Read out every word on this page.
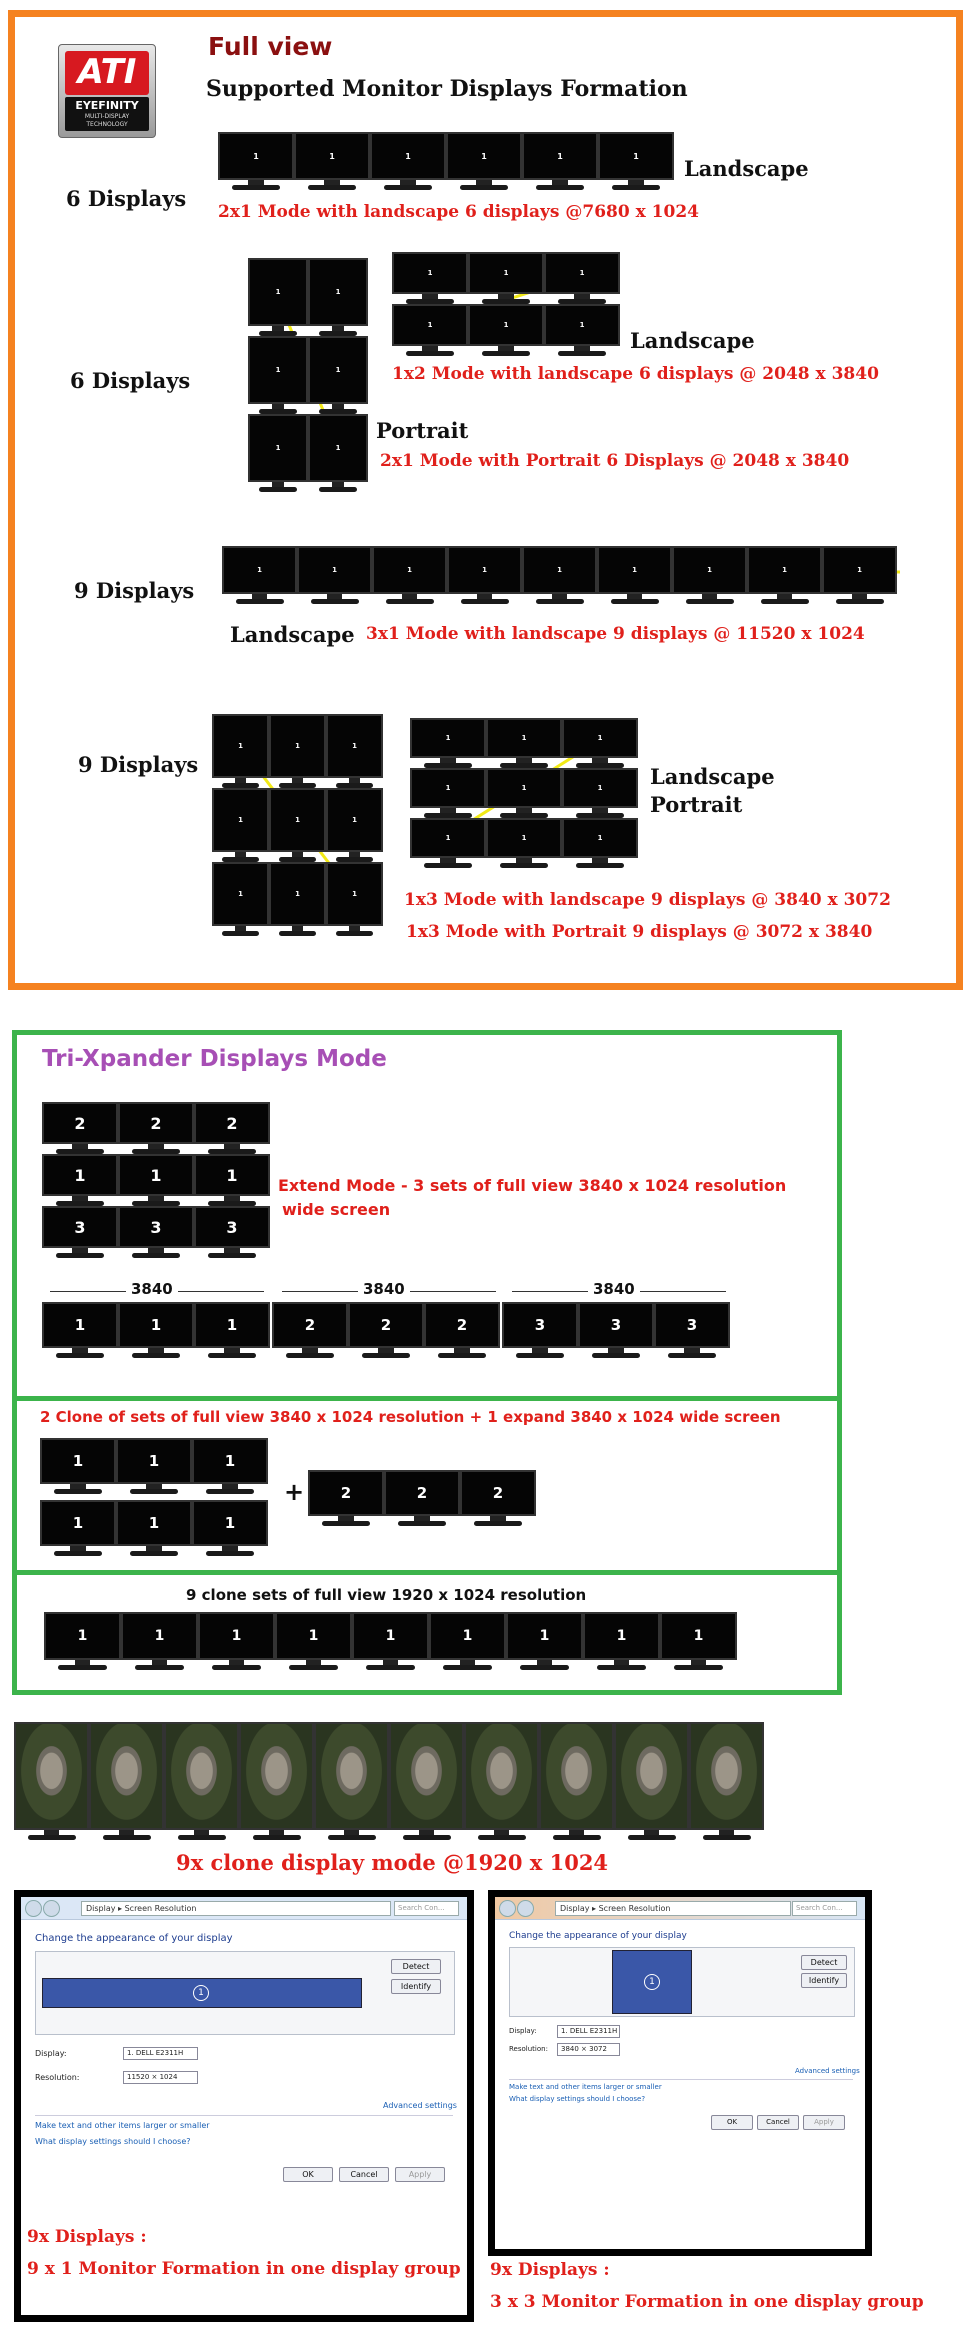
ATI
EYEFINITY
MULTI-DISPLAY
TECHNOLOGY
Full view
Supported Monitor Displays Formation
6 Displays
Landscape
2x1 Mode with landscape 6 displays @7680 x 1024
6 Displays
Landscape
1x2 Mode with landscape 6 displays @ 2048 x 3840
Portrait
2x1 Mode with Portrait 6 Displays @ 2048 x 3840
9 Displays
Landscape 3x1 Mode with landscape 9 displays @ 11520 x 1024
9 Displays	Landscape
Portrait
1x3 Mode with landscape 9 displays @ 3840 x 3072
1x3 Mode with Portrait 9 displays @ 3072 x 3840
Tri-Xpander Displays Mode
Extend Mode - 3 sets of full view 3840 x 1024 resolution
wide screen
2 Clone of sets of full view 3840 x 1024 resolution + 1 expand 3840 x 1024 wide screen
+
9 clone sets of full view 1920 x 1024 resolution
9x clone display mode @1920 x 1024
Display ▸ Screen Resolution	Search Con...
Change the appearance of your display
1
Detect
Identify
Display:	1. DELL E2311H
Resolution:	11520 × 1024
Advanced settings
Make text and other items larger or smaller
What display settings should I choose?
OK	Cancel	Apply
9x Displays :
9 x 1 Monitor Formation in one display group
Display ▸ Screen Resolution	Search Con...
Change the appearance of your display
1
Detect
Identify
Display:	1. DELL E2311H
Resolution:	3840 × 3072
Advanced settings
Make text and other items larger or smaller
What display settings should I choose?
OK	Cancel	Apply
9x Displays :
3 x 3 Monitor Formation in one display group
1	1	1	1	1	1
1	1
1	1
1	1
1	1	1
1	1	1
1	1	1	1	1	1	1	1	1
1	1	1
1	1	1
1	1	1
1	1	1
1	1	1
1	1	1
2	2	2
1	1	1
3	3	3
3840	3840	3840
1	1	1	2	2	2	3	3	3
1	1	1
1	1	1
2	2	2
1	1	1	1	1	1	1	1	1
